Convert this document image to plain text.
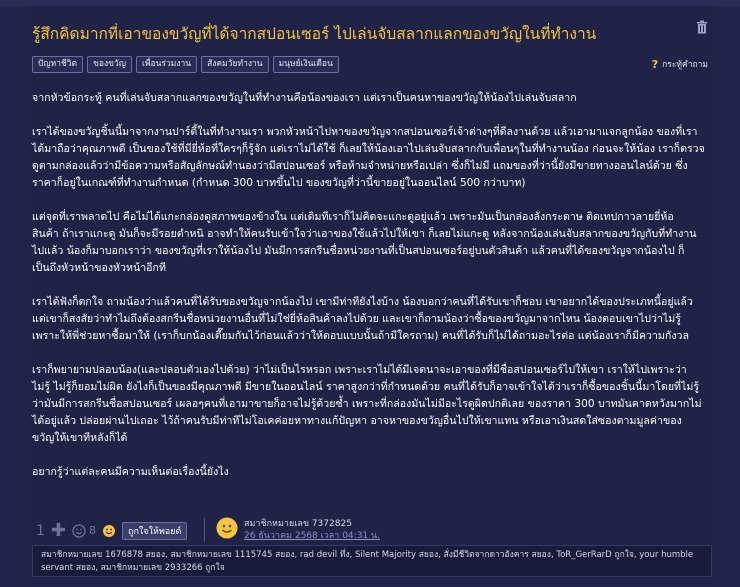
รู้สึกคิดมากที่เอาของขวัญที่ได้จากสปอนเซอร์ ไปเล่นจับสลากแลกของขวัญในที่ทำงาน
ปัญหาชีวิต	ของขวัญ	เพื่อนร่วมงาน	สังคมวัยทำงาน	มนุษย์เงินเดือน	? กระทู้คำถาม

จากหัวข้อกระทู้ คนที่เล่นจับสลากแลกของขวัญในที่ทำงานคือน้องของเรา แต่เราเป็นคนหาของขวัญให้น้องไปเล่นจับสลาก

เราได้ของขวัญชิ้นนี้มาจากงานปาร์ตี้ในที่ทำงานเรา พวกหัวหน้าไปหาของขวัญจากสปอนเซอร์เจ้าต่างๆที่ดีลงานด้วย แล้วเอามาแจกลูกน้อง ของที่เรา
ได้มาถือว่าคุณภาพดี เป็นของใช้ที่มียี่ห้อที่ใครๆก็รู้จัก แต่เราไม่ได้ใช้ ก็เลยให้น้องเอาไปเล่นจับสลากกับเพื่อนๆในที่ทำงานน้อง ก่อนจะให้น้อง เราก็ตรวจ
ดูตามกล่องแล้วว่ามีข้อความหรือสัญลักษณ์ทำนองว่ามีสปอนเซอร์ หรือห้ามจำหน่ายหรือเปล่า ซึ่งก็ไม่มี แถมของที่ว่านี้ยังมีขายทางออนไลน์ด้วย ซึ่ง
ราคาก็อยู่ในเกณฑ์ที่ทำงานกำหนด (กำหนด 300 บาทขึ้นไป ของขวัญที่ว่านี้ขายอยู่ในออนไลน์ 500 กว่าบาท)

แต่จุดที่เราพลาดไป คือไม่ได้แกะกล่องดูสภาพของข้างใน แต่เดิมทีเราก็ไม่คิดจะแกะดูอยู่แล้ว เพราะมันเป็นกล่องลังกระดาษ ติดเทปกาวลายยี่ห้อ
สินค้า ถ้าเราแกะดู มันก็จะมีรอยตำหนิ อาจทำให้คนรับเข้าใจว่าเอาของใช้แล้วไปให้เขา ก็เลยไม่แกะดู หลังจากน้องเล่นจับสลากของขวัญกับที่ทำงาน
ไปแล้ว น้องก็มาบอกเราว่า ของขวัญที่เราให้น้องไป มันมีการสกรีนชื่อหน่วยงานที่เป็นสปอนเซอร์อยู่บนตัวสินค้า แล้วคนที่ได้ของขวัญจากน้องไป ก็
เป็นถึงหัวหน้าของหัวหน้าอีกที

เราได้ฟังก็ตกใจ ถามน้องว่าแล้วคนที่ได้รับของขวัญจากน้องไป เขามีท่าทียังไงบ้าง น้องบอกว่าคนที่ได้รับเขาก็ชอบ เขาอยากได้ของประเภทนี้อยู่แล้ว
แต่เขาก็สงสัยว่าทำไมถึงต้องสกรีนชื่อหน่วยงานอื่นที่ไม่ใช่ยี่ห้อสินค้าลงไปด้วย และเขาก็ถามน้องว่าซื้อของขวัญมาจากไหน น้องตอบเขาไปว่าไม่รู้
เพราะให้พี่ช่วยหาซื้อมาให้ (เราก็บกน้องเตี๊ยมกันไว้ก่อนแล้วว่าให้ตอบแบบนั้นถ้ามีใครถาม) คนที่ได้รับก็ไม่ได้ถามอะไรต่อ แต่น้องเราก็มีความกังวล

เราก็พยายามปลอบน้อง(และปลอบตัวเองไปด้วย) ว่าไม่เป็นไรหรอก เพราะเราไม่ได้มีเจตนาจะเอาของที่มีชื่อสปอนเซอร์ไปให้เขา เราให้ไปเพราะว่า
ไม่รู้ ไม่รู้ก็ยอมไม่ผิด ยังไงก็เป็นของมีคุณภาพดี มีขายในออนไลน์ ราคาสูงกว่าที่กำหนดด้วย คนที่ได้รับก็อาจเข้าใจได้ว่าเราก็ซื้อของชิ้นนี้มาโดยที่ไม่รู้
ว่ามันมีการสกรีนชื่อสปอนเซอร์ เผลอๆคนที่เอามาขายก็อาจไม่รู้ด้วยซ้ำ เพราะที่กล่องมันไม่มีอะไรดูผิดปกติเลย ของราคา 300 บาทมันคาดหวังมากไม่
ได้อยู่แล้ว ปล่อยผ่านไปเถอะ ไว้ถ้าคนรับมีท่าทีไม่โอเคค่อยหาทางแก้ปัญหา อาจหาของขวัญอื่นไปให้เขาแทน หรือเอาเงินสดใส่ซองตามมูลค่าของ
ขวัญให้เขาทีหลังก็ได้

อยากรู้ว่าแต่ละคนมีความเห็นต่อเรื่องนี้ยังไง

1 ✚ 8	ถูกใจให้พอยต์
สมาชิกหมายเลข 7372825
26 ธันวาคม 2568 เวลา 04:31 น.
สมาชิกหมายเลข 1676878 สยอง, สมาชิกหมายเลข 1115745 สยอง, rad devil ทึ่ง, Silent Majority สยอง, สั่งมีชีวิตจากดาวอังคาร สยอง, ToR_GerRarD ถูกใจ, your humble servant สยอง, สมาชิกหมายเลข 2933266 ถูกใจ
